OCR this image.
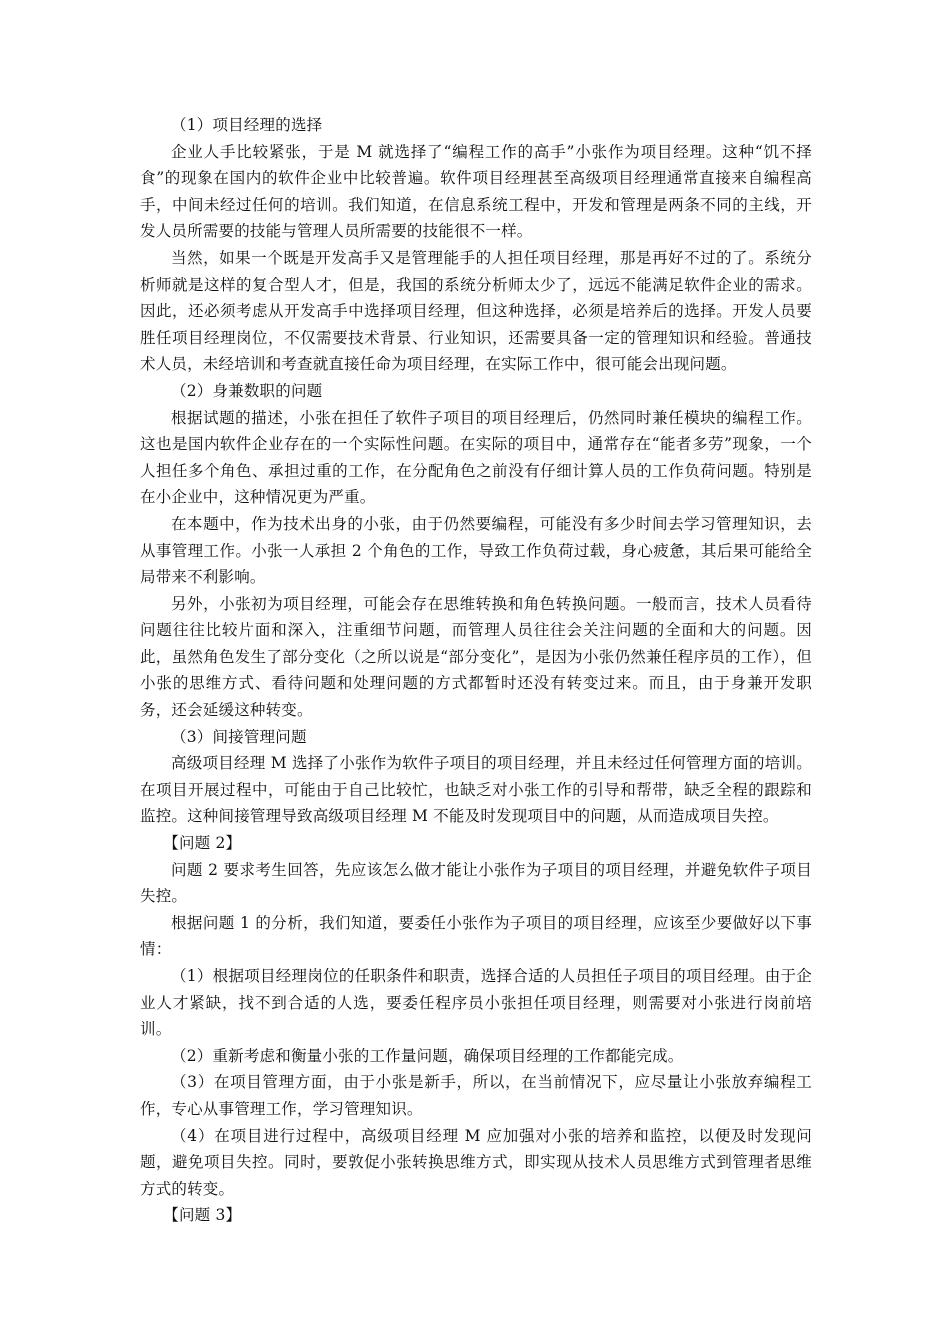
（1）项目经理的选择

企业人手比较紧张，于是 M 就选择了“编程工作的高手”小张作为项目经理。这种“饥不择食”的现象在国内的软件企业中比较普遍。软件项目经理甚至高级项目经理通常直接来自编程高手，中间未经过任何的培训。我们知道，在信息系统工程中，开发和管理是两条不同的主线，开发人员所需要的技能与管理人员所需要的技能很不一样。

当然，如果一个既是开发高手又是管理能手的人担任项目经理，那是再好不过的了。系统分析师就是这样的复合型人才，但是，我国的系统分析师太少了，远远不能满足软件企业的需求。因此，还必须考虑从开发高手中选择项目经理，但这种选择，必须是培养后的选择。开发人员要胜任项目经理岗位，不仅需要技术背景、行业知识，还需要具备一定的管理知识和经验。普通技术人员，未经培训和考查就直接任命为项目经理，在实际工作中，很可能会出现问题。

（2）身兼数职的问题

根据试题的描述，小张在担任了软件子项目的项目经理后，仍然同时兼任模块的编程工作。这也是国内软件企业存在的一个实际性问题。在实际的项目中，通常存在“能者多劳”现象，一个人担任多个角色、承担过重的工作，在分配角色之前没有仔细计算人员的工作负荷问题。特别是在小企业中，这种情况更为严重。

在本题中，作为技术出身的小张，由于仍然要编程，可能没有多少时间去学习管理知识，去从事管理工作。小张一人承担 2 个角色的工作，导致工作负荷过载，身心疲惫，其后果可能给全局带来不利影响。

另外，小张初为项目经理，可能会存在思维转换和角色转换问题。一般而言，技术人员看待问题往往比较片面和深入，注重细节问题，而管理人员往往会关注问题的全面和大的问题。因此，虽然角色发生了部分变化（之所以说是“部分变化”，是因为小张仍然兼任程序员的工作），但小张的思维方式、看待问题和处理问题的方式都暂时还没有转变过来。而且，由于身兼开发职务，还会延缓这种转变。

（3）间接管理问题

高级项目经理 M 选择了小张作为软件子项目的项目经理，并且未经过任何管理方面的培训。在项目开展过程中，可能由于自己比较忙，也缺乏对小张工作的引导和帮带，缺乏全程的跟踪和监控。这种间接管理导致高级项目经理 M 不能及时发现项目中的问题，从而造成项目失控。

【问题 2】

问题 2 要求考生回答，先应该怎么做才能让小张作为子项目的项目经理，并避免软件子项目失控。

根据问题 1 的分析，我们知道，要委任小张作为子项目的项目经理，应该至少要做好以下事情：

（1）根据项目经理岗位的任职条件和职责，选择合适的人员担任子项目的项目经理。由于企业人才紧缺，找不到合适的人选，要委任程序员小张担任项目经理，则需要对小张进行岗前培训。

（2）重新考虑和衡量小张的工作量问题，确保项目经理的工作都能完成。

（3）在项目管理方面，由于小张是新手，所以，在当前情况下，应尽量让小张放弃编程工作，专心从事管理工作，学习管理知识。

（4）在项目进行过程中，高级项目经理 M 应加强对小张的培养和监控，以便及时发现问题，避免项目失控。同时，要敦促小张转换思维方式，即实现从技术人员思维方式到管理者思维方式的转变。

【问题 3】
